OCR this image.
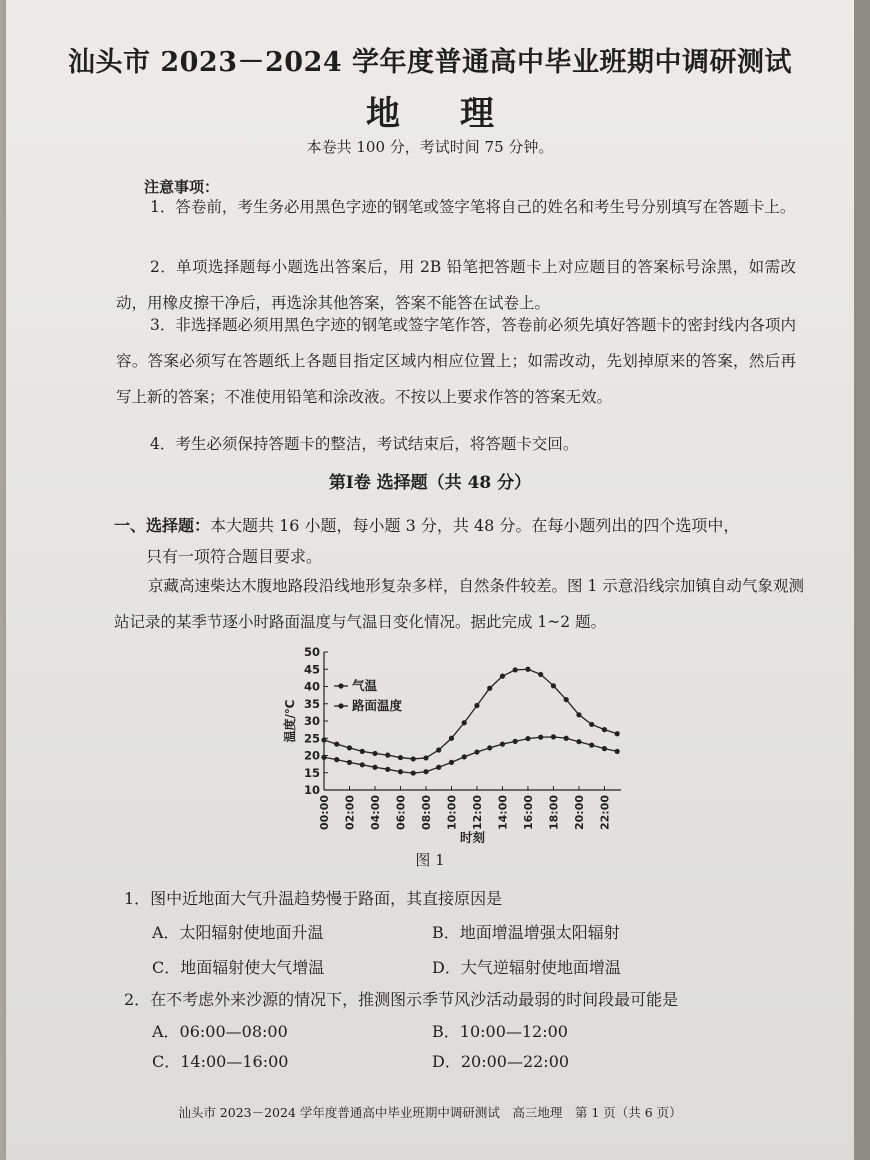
汕头市 2023－2024 学年度普通高中毕业班期中调研测试
地理
本卷共 100 分，考试时间 75 分钟。
注意事项：
1．答卷前，考生务必用黑色字迹的钢笔或签字笔将自己的姓名和考生号分别填写在答题卡上。
2．单项选择题每小题选出答案后，用 2B 铅笔把答题卡上对应题目的答案标号涂黑，如需改动，用橡皮擦干净后，再选涂其他答案，答案不能答在试卷上。
3．非选择题必须用黑色字迹的钢笔或签字笔作答，答卷前必须先填好答题卡的密封线内各项内容。答案必须写在答题纸上各题目指定区域内相应位置上；如需改动，先划掉原来的答案，然后再写上新的答案；不准使用铅笔和涂改液。不按以上要求作答的答案无效。
4．考生必须保持答题卡的整洁，考试结束后，将答题卡交回。
第Ⅰ卷 选择题（共 48 分）
一、选择题：本大题共 16 小题，每小题 3 分，共 48 分。在每小题列出的四个选项中，
只有一项符合题目要求。
京藏高速柴达木腹地路段沿线地形复杂多样，自然条件较差。图 1 示意沿线宗加镇自动气象观测站记录的某季节逐小时路面温度与气温日变化情况。据此完成 1~2 题。
10
15
20
25
30
35
40
45
50
00:00 02:00 04:00 06:00 08:00 10:00 12:00 14:00 16:00 18:00 20:00 22:00
温度/℃
时刻
气温
路面温度
图 1
1．图中近地面大气升温趋势慢于路面，其直接原因是
A．太阳辐射使地面升温	B．地面增温增强太阳辐射
C．地面辐射使大气增温	D．大气逆辐射使地面增温
2．在不考虑外来沙源的情况下，推测图示季节风沙活动最弱的时间段最可能是
A．06:00—08:00	B．10:00—12:00
C．14:00—16:00	D．20:00—22:00
汕头市 2023－2024 学年度普通高中毕业班期中调研测试　高三地理　第 1 页（共 6 页）
